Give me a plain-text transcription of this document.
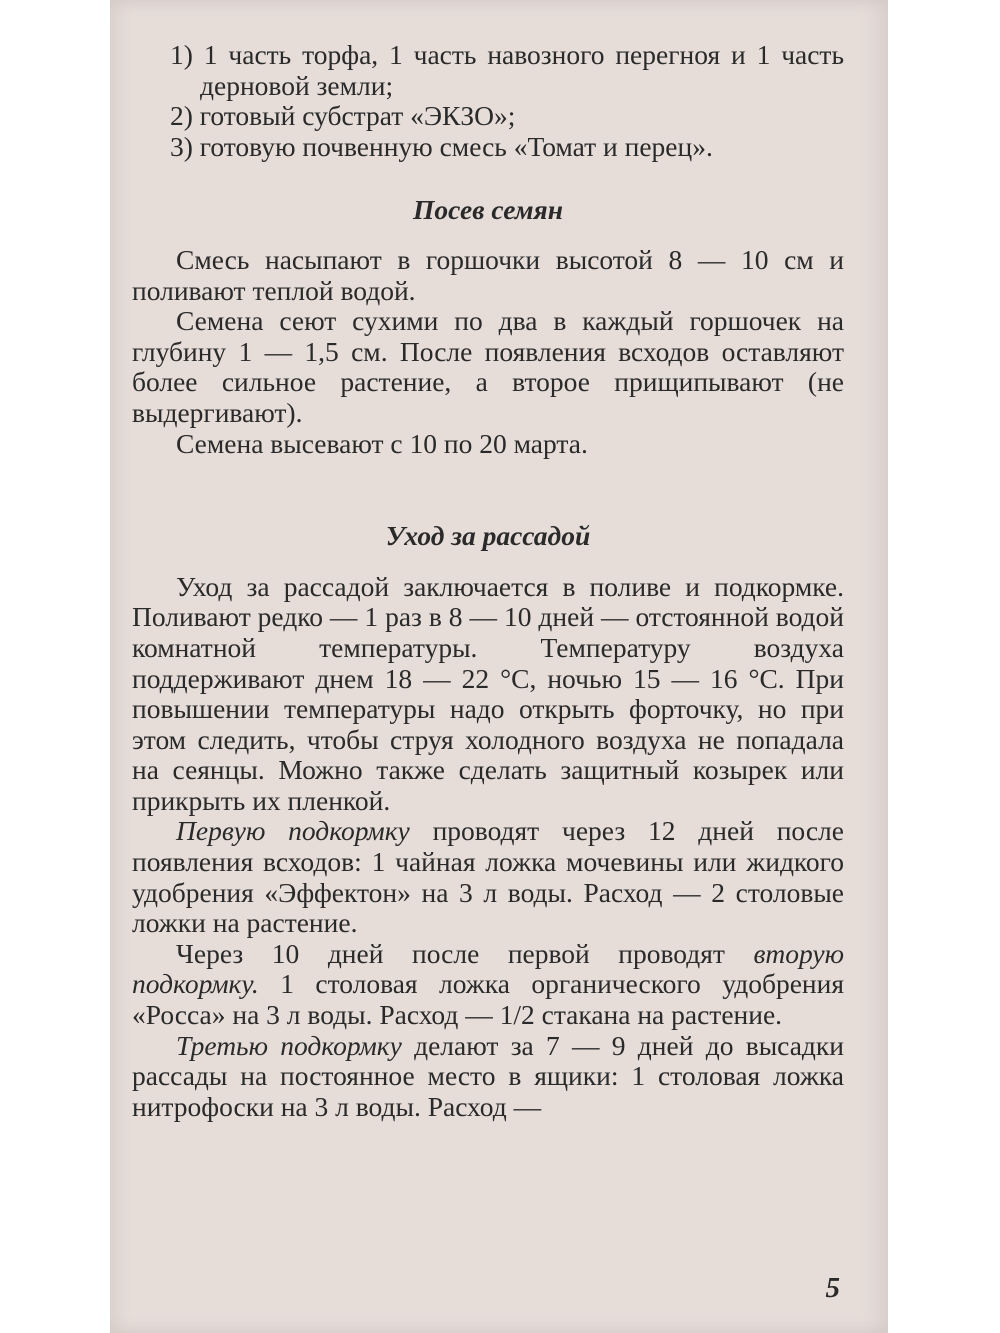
1) 1 часть торфа, 1 часть навозного перегноя и 1 часть дерновой земли;

2) готовый субстрат «ЭКЗО»;

3) готовую почвенную смесь «Томат и перец».

Посев семян

Смесь насыпают в горшочки высотой 8 — 10 см и поливают теплой водой.

Семена сеют сухими по два в каждый горшочек на глубину 1 — 1,5 см. После появления всходов оставляют более сильное растение, а второе прищипывают (не выдергивают).

Семена высевают с 10 по 20 марта.

Уход за рассадой

Уход за рассадой заключается в поливе и подкормке. Поливают редко — 1 раз в 8 — 10 дней — отстоянной водой комнатной температуры. Температуру воздуха поддерживают днем 18 — 22 °С, ночью 15 — 16 °С. При повышении температуры надо открыть форточку, но при этом следить, чтобы струя холодного воздуха не попадала на сеянцы. Можно также сделать защитный козырек или прикрыть их пленкой.

Первую подкормку проводят через 12 дней после появления всходов: 1 чайная ложка мочевины или жидкого удобрения «Эффектон» на 3 л воды. Расход — 2 столовые ложки на растение.

Через 10 дней после первой проводят вторую подкормку. 1 столовая ложка органического удобрения «Росса» на 3 л воды. Расход — 1/2 стакана на растение.

Третью подкормку делают за 7 — 9 дней до высадки рассады на постоянное место в ящики: 1 столовая ложка нитрофоски на 3 л воды. Расход —

5
